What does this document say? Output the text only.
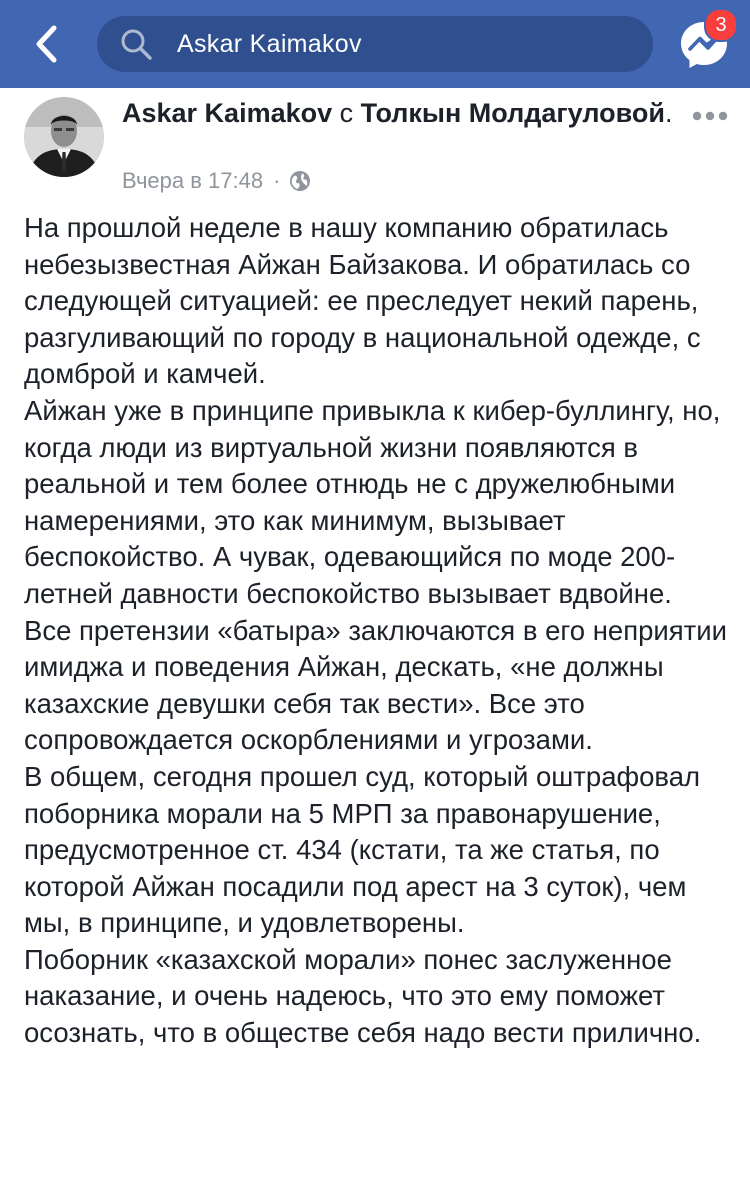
Askar Kaimakov
3
Askar Kaimakov с Толкын Молдагуловой.
Вчера в 17:48 ·

На прошлой неделе в нашу компанию обратилась небезызвестная Айжан Байзакова. И обратилась со следующей ситуацией: ее преследует некий парень, разгуливающий по городу в национальной одежде, с домброй и камчей.

Айжан уже в принципе привыкла к кибер-буллингу, но, когда люди из виртуальной жизни появляются в реальной и тем более отнюдь не с дружелюбными намерениями, это как минимум, вызывает беспокойство. А чувак, одевающийся по моде 200-летней давности беспокойство вызывает вдвойне.

Все претензии «батыра» заключаются в его неприятии имиджа и поведения Айжан, дескать, «не должны казахские девушки себя так вести». Все это сопровождается оскорблениями и угрозами.

В общем, сегодня прошел суд, который оштрафовал поборника морали на 5 МРП за правонарушение, предусмотренное ст. 434 (кстати, та же статья, по которой Айжан посадили под арест на 3 суток), чем мы, в принципе, и удовлетворены.

Поборник «казахской морали» понес заслуженное наказание, и очень надеюсь, что это ему поможет осознать, что в обществе себя надо вести прилично.
